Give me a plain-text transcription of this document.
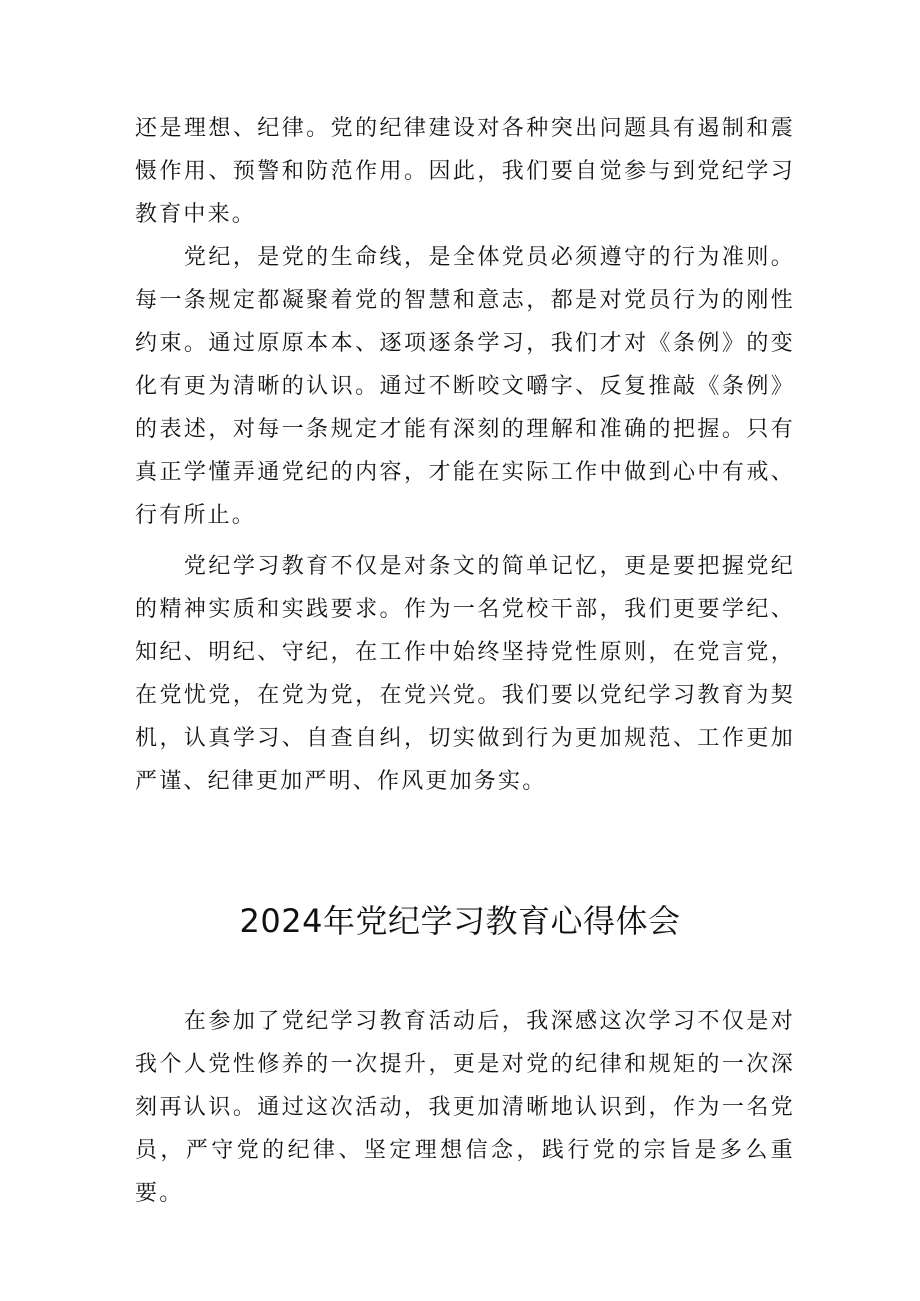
还是理想、纪律。党的纪律建设对各种突出问题具有遏制和震慑作用、预警和防范作用。因此，我们要自觉参与到党纪学习教育中来。

　　党纪，是党的生命线，是全体党员必须遵守的行为准则。每一条规定都凝聚着党的智慧和意志，都是对党员行为的刚性约束。通过原原本本、逐项逐条学习，我们才对《条例》的变化有更为清晰的认识。通过不断咬文嚼字、反复推敲《条例》的表述，对每一条规定才能有深刻的理解和准确的把握。只有真正学懂弄通党纪的内容，才能在实际工作中做到心中有戒、行有所止。

　　党纪学习教育不仅是对条文的简单记忆，更是要把握党纪的精神实质和实践要求。作为一名党校干部，我们更要学纪、知纪、明纪、守纪，在工作中始终坚持党性原则，在党言党，在党忧党，在党为党，在党兴党。我们要以党纪学习教育为契机，认真学习、自查自纠，切实做到行为更加规范、工作更加严谨、纪律更加严明、作风更加务实。

2024年党纪学习教育心得体会

　　在参加了党纪学习教育活动后，我深感这次学习不仅是对我个人党性修养的一次提升，更是对党的纪律和规矩的一次深刻再认识。通过这次活动，我更加清晰地认识到，作为一名党员，严守党的纪律、坚定理想信念，践行党的宗旨是多么重要。
